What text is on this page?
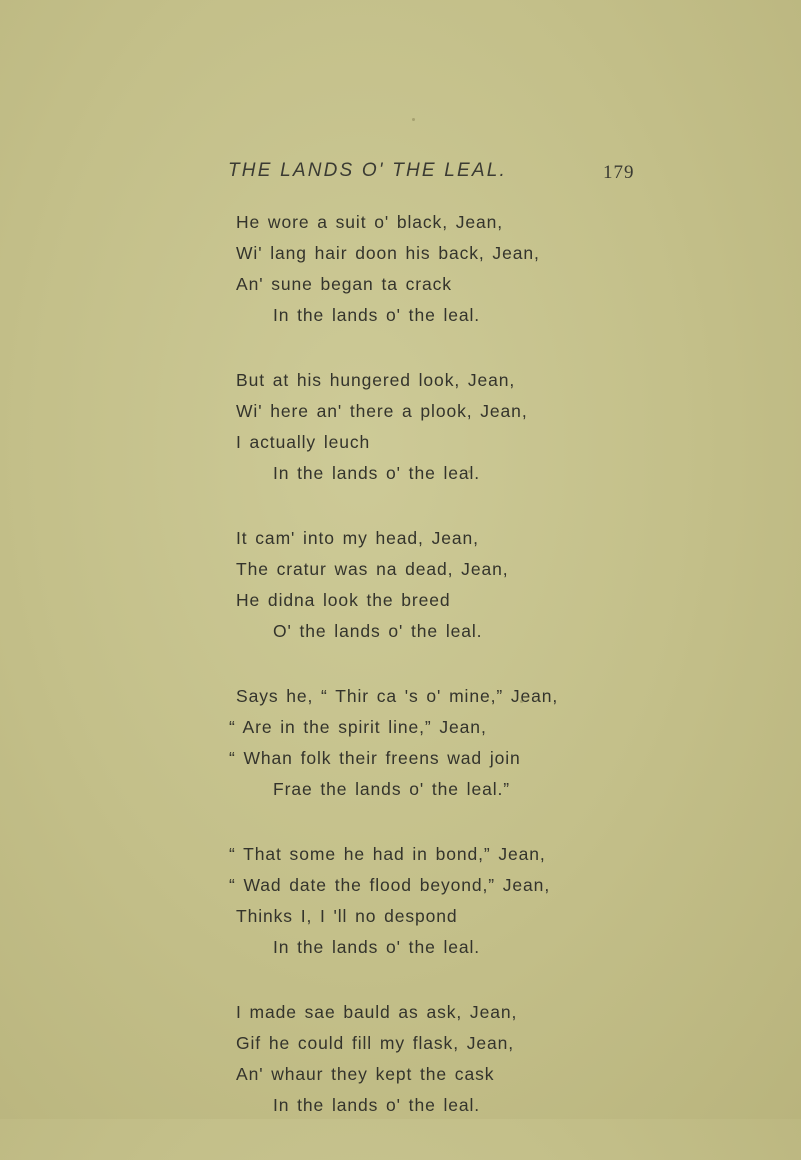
THE LANDS O' THE LEAL.	179
He wore a suit o' black, Jean,
Wi' lang hair doon his back, Jean,
An' sune began ta crack
In the lands o' the leal.
But at his hungered look, Jean,
Wi' here an' there a plook, Jean,
I actually leuch
In the lands o' the leal.
It cam' into my head, Jean,
The cratur was na dead, Jean,
He didna look the breed
O' the lands o' the leal.
Says he, “ Thir ca 's o' mine,” Jean,
“ Are in the spirit line,” Jean,
“ Whan folk their freens wad join
Frae the lands o' the leal.”
“ That some he had in bond,” Jean,
“ Wad date the flood beyond,” Jean,
Thinks I, I 'll no despond
In the lands o' the leal.
I made sae bauld as ask, Jean,
Gif he could fill my flask, Jean,
An' whaur they kept the cask
In the lands o' the leal.
